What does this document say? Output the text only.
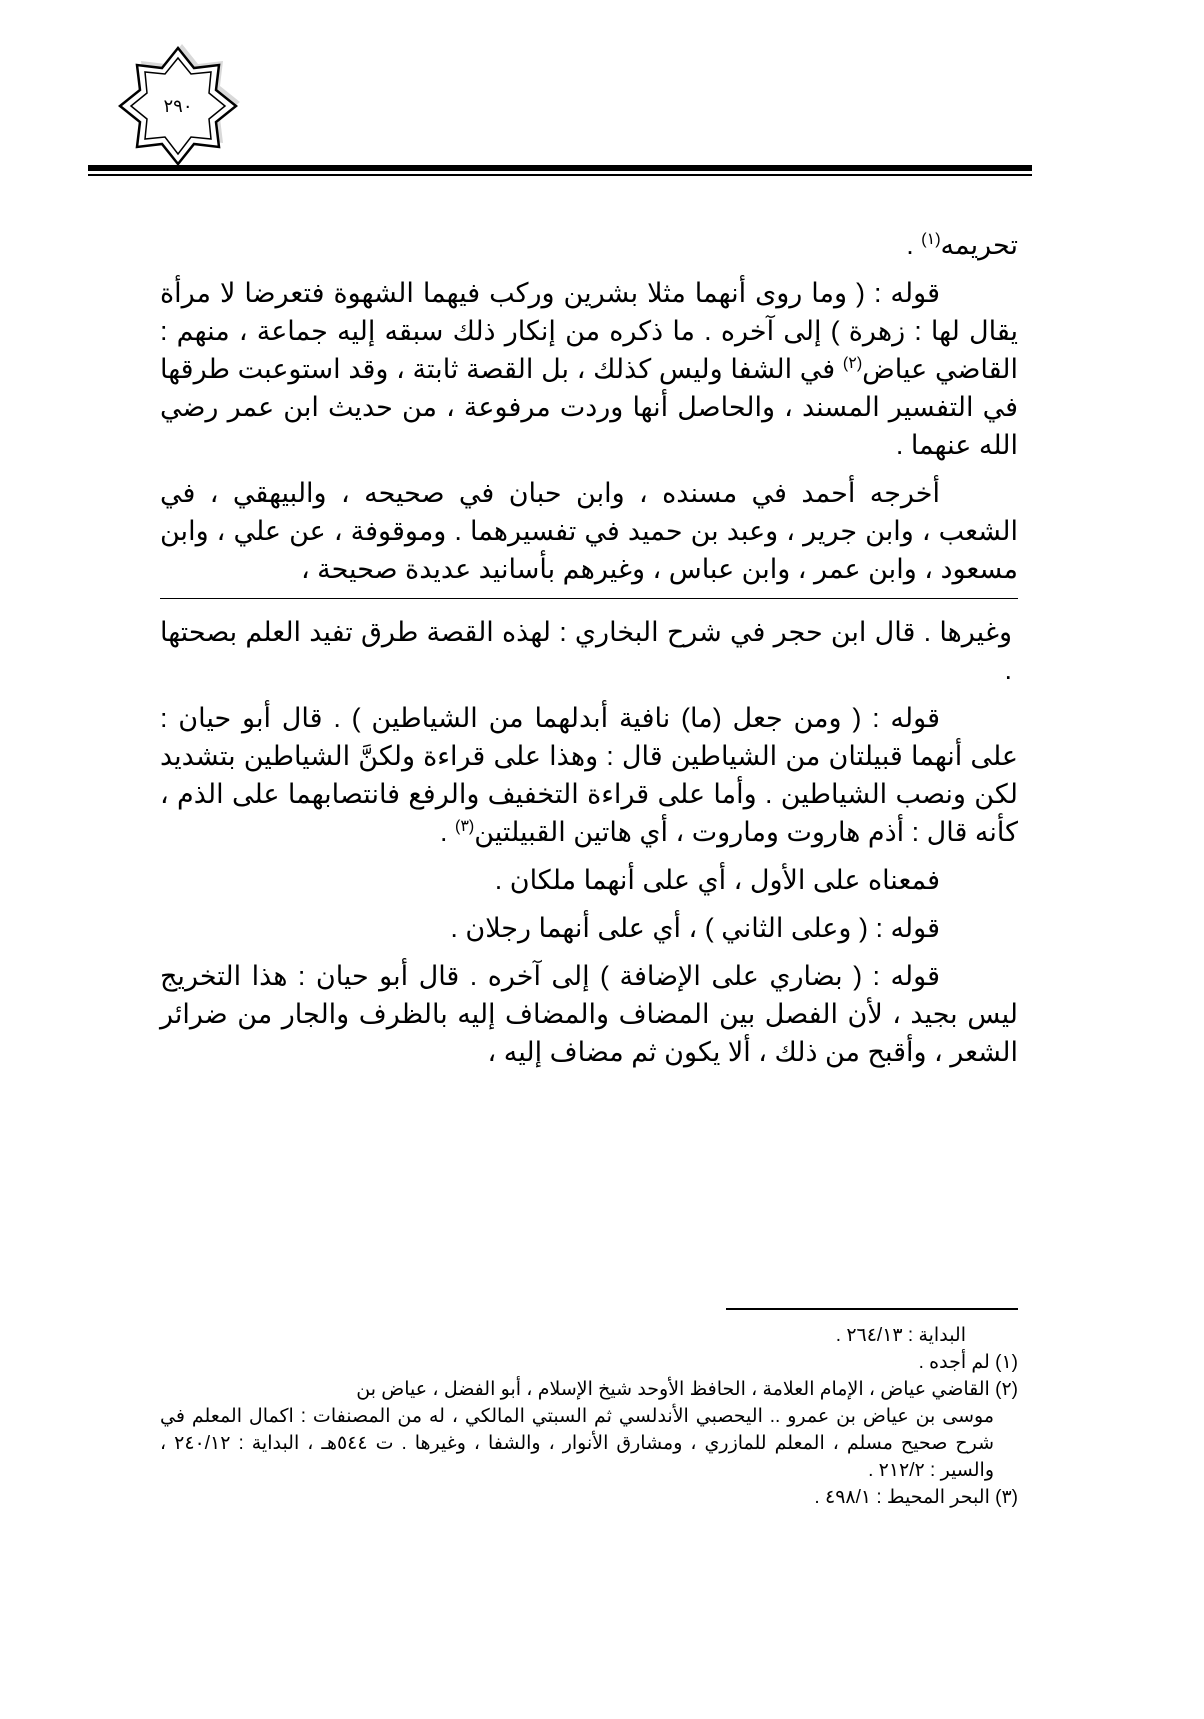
٢٩٠

تحريمه$^{(١)}$ .

قوله : ( وما روى أنهما مثلا بشرين وركب فيهما الشهوة فتعرضا لا مرأة يقال لها : زهرة ) إلى آخره . ما ذكره من إنكار ذلك سبقه إليه جماعة ، منهم : القاضي عياض$^{(٢)}$ في الشفا وليس كذلك ، بل القصة ثابتة ، وقد استوعبت طرقها في التفسير المسند ، والحاصل أنها وردت مرفوعة ، من حديث ابن عمر رضي الله عنهما .

أخرجه أحمد في مسنده ، وابن حبان في صحيحه ، والبيهقي ، في الشعب ، وابن جرير ، وعبد بن حميد في تفسيرهما . وموقوفة ، عن علي ، وابن مسعود ، وابن عمر ، وابن عباس ، وغيرهم بأسانيد عديدة صحيحة ،

وغيرها . قال ابن حجر في شرح البخاري : لهذه القصة طرق تفيد العلم بصحتها .

قوله : ( ومن جعل (ما) نافية أبدلهما من الشياطين ) . قال أبو حيان : على أنهما قبيلتان من الشياطين قال : وهذا على قراءة ولكنَّ الشياطين بتشديد لكن ونصب الشياطين . وأما على قراءة التخفيف والرفع فانتصابهما على الذم ، كأنه قال : أذم هاروت وماروت ، أي هاتين القبيلتين$^{(٣)}$ .

فمعناه على الأول ، أي على أنهما ملكان .

قوله : ( وعلى الثاني ) ، أي على أنهما رجلان .

قوله : ( بضاري على الإضافة ) إلى آخره . قال أبو حيان : هذا التخريج ليس بجيد ، لأن الفصل بين المضاف والمضاف إليه بالظرف والجار من ضرائر الشعر ، وأقبح من ذلك ، ألا يكون ثم مضاف إليه ،

البداية : ٢٦٤/١٣ .

(١) لم أجده .

(٢) القاضي عياض ، الإمام العلامة ، الحافظ الأوحد شيخ الإسلام ، أبو الفضل ، عياض بن

موسى بن عياض بن عمرو .. اليحصبي الأندلسي ثم السبتي المالكي ، له من المصنفات : اكمال المعلم في شرح صحيح مسلم ، المعلم للمازري ، ومشارق الأنوار ، والشفا ، وغيرها . ت ٥٤٤هـ ، البداية : ٢٤٠/١٢ ، والسير : ٢١٢/٢ .

(٣) البحر المحيط : ٤٩٨/١ .
